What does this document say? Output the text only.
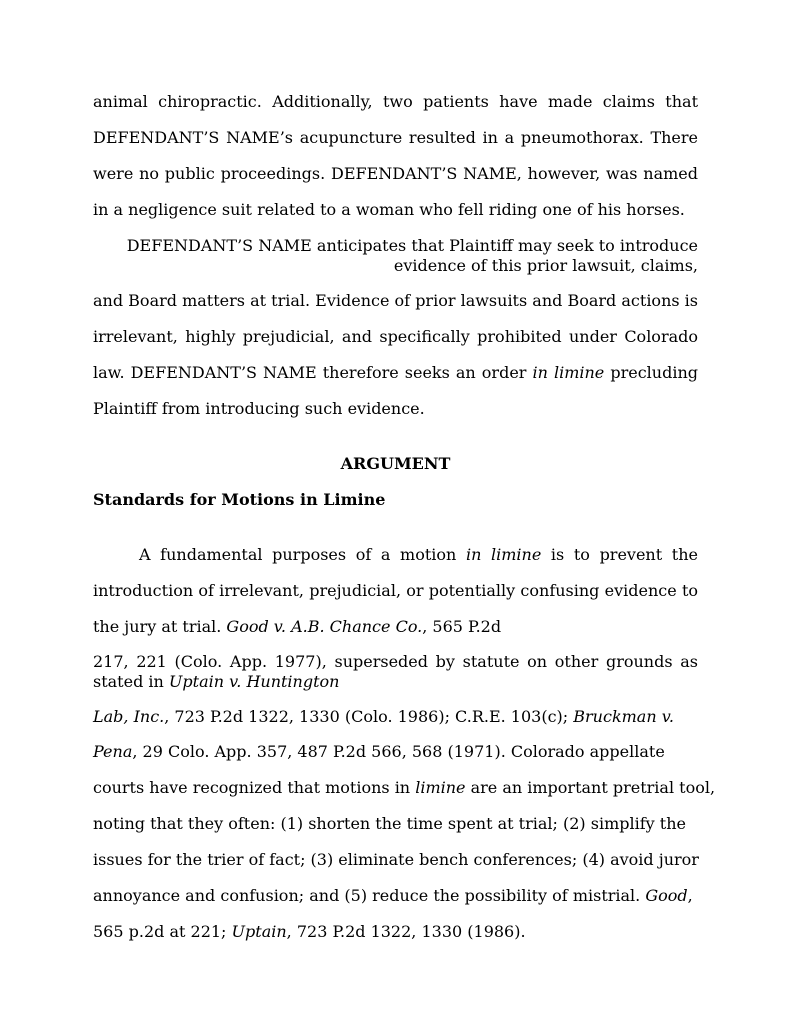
animal chiropractic. Additionally, two patients have made claims that
DEFENDANT’S NAME’s acupuncture resulted in a pneumothorax. There
were no public proceedings. DEFENDANT’S NAME, however, was named
in a negligence suit related to a woman who fell riding one of his horses.
DEFENDANT’S NAME anticipates that Plaintiff may seek to introduce
evidence of this prior lawsuit, claims,
and Board matters at trial. Evidence of prior lawsuits and Board actions is
irrelevant, highly prejudicial, and specifically prohibited under Colorado
law. DEFENDANT’S NAME therefore seeks an order in limine precluding
Plaintiff from introducing such evidence.
ARGUMENT
Standards for Motions in Limine
A fundamental purposes of a motion in limine is to prevent the
introduction of irrelevant, prejudicial, or potentially confusing evidence to
the jury at trial. Good v. A.B. Chance Co., 565 P.2d
217, 221 (Colo. App. 1977), superseded by statute on other grounds as
stated in Uptain v. Huntington
Lab, Inc., 723 P.2d 1322, 1330 (Colo. 1986); C.R.E. 103(c); Bruckman v.
Pena, 29 Colo. App. 357, 487 P.2d 566, 568 (1971). Colorado appellate
courts have recognized that motions in limine are an important pretrial tool,
noting that they often: (1) shorten the time spent at trial; (2) simplify the
issues for the trier of fact; (3) eliminate bench conferences; (4) avoid juror
annoyance and confusion; and (5) reduce the possibility of mistrial. Good,
565 p.2d at 221; Uptain, 723 P.2d 1322, 1330 (1986).
